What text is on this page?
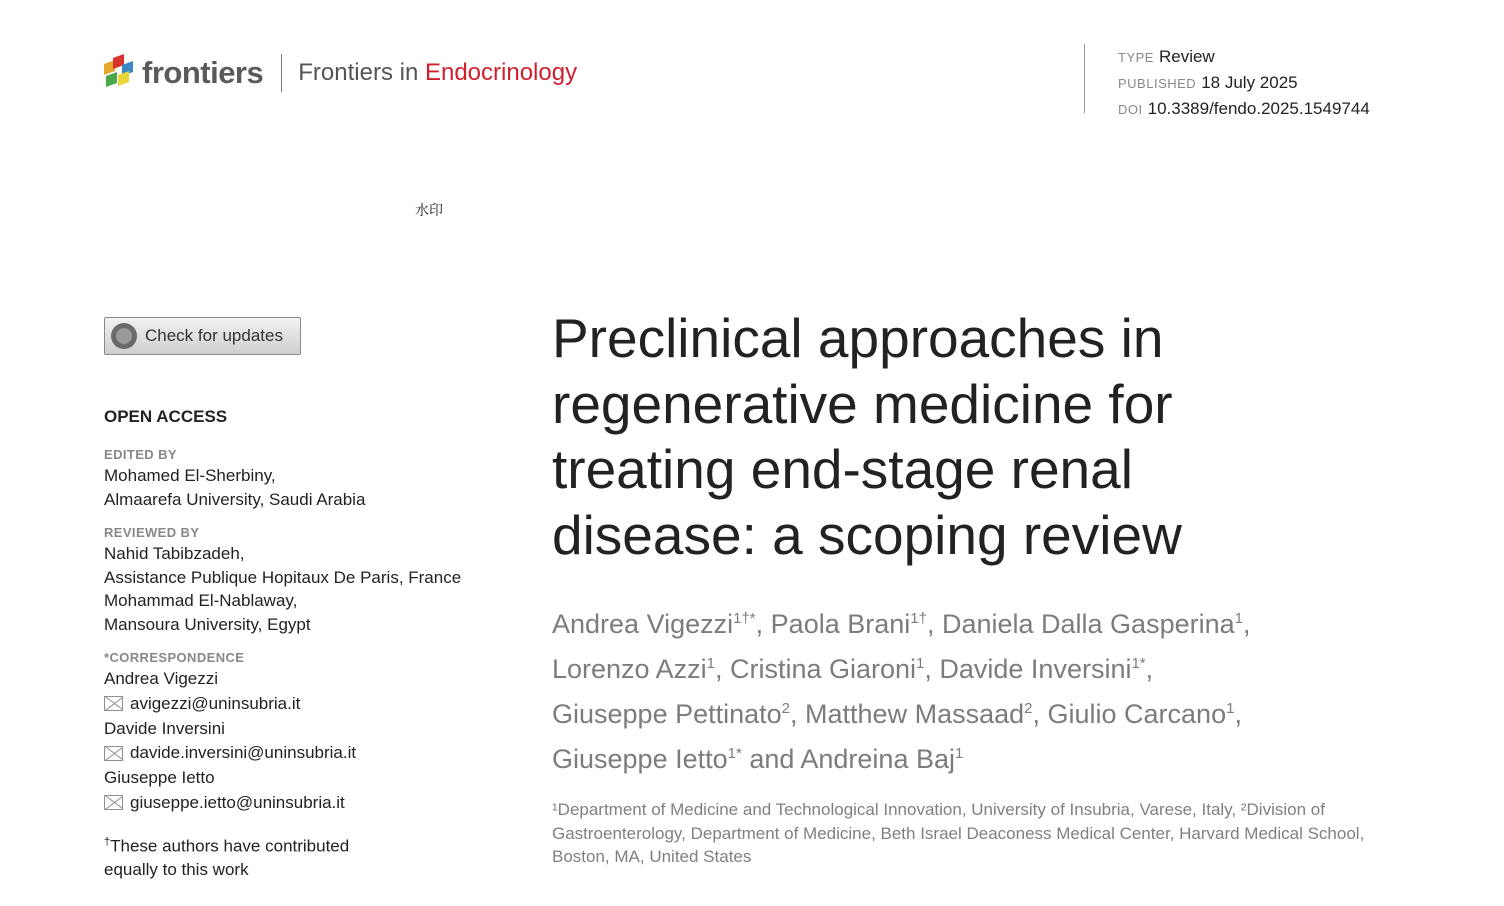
frontiers Frontiers in Endocrinology
TYPE Review
PUBLISHED 18 July 2025
DOI 10.3389/fendo.2025.1549744
水印
Check for updates
OPEN ACCESS
EDITED BY
Mohamed El-Sherbiny,
Almaarefa University, Saudi Arabia
REVIEWED BY
Nahid Tabibzadeh,
Assistance Publique Hopitaux De Paris, France
Mohammad El-Nablaway,
Mansoura University, Egypt
*CORRESPONDENCE
Andrea Vigezzi
avigezzi@uninsubria.it
Davide Inversini
davide.inversini@uninsubria.it
Giuseppe Ietto
giuseppe.ietto@uninsubria.it
†These authors have contributed
equally to this work
Preclinical approaches in
regenerative medicine for
treating end-stage renal
disease: a scoping review
Andrea Vigezzi$^{1\dagger*}$, Paola Brani$^{1\dagger}$, Daniela Dalla Gasperina$^1$,
Lorenzo Azzi$^1$, Cristina Giaroni$^1$, Davide Inversini$^{1*}$,
Giuseppe Pettinato$^2$, Matthew Massaad$^2$, Giulio Carcano$^1$,
Giuseppe Ietto$^{1*}$ and Andreina Baj$^1$
¹Department of Medicine and Technological Innovation, University of Insubria, Varese, Italy, ²Division of Gastroenterology, Department of Medicine, Beth Israel Deaconess Medical Center, Harvard Medical School, Boston, MA, United States
